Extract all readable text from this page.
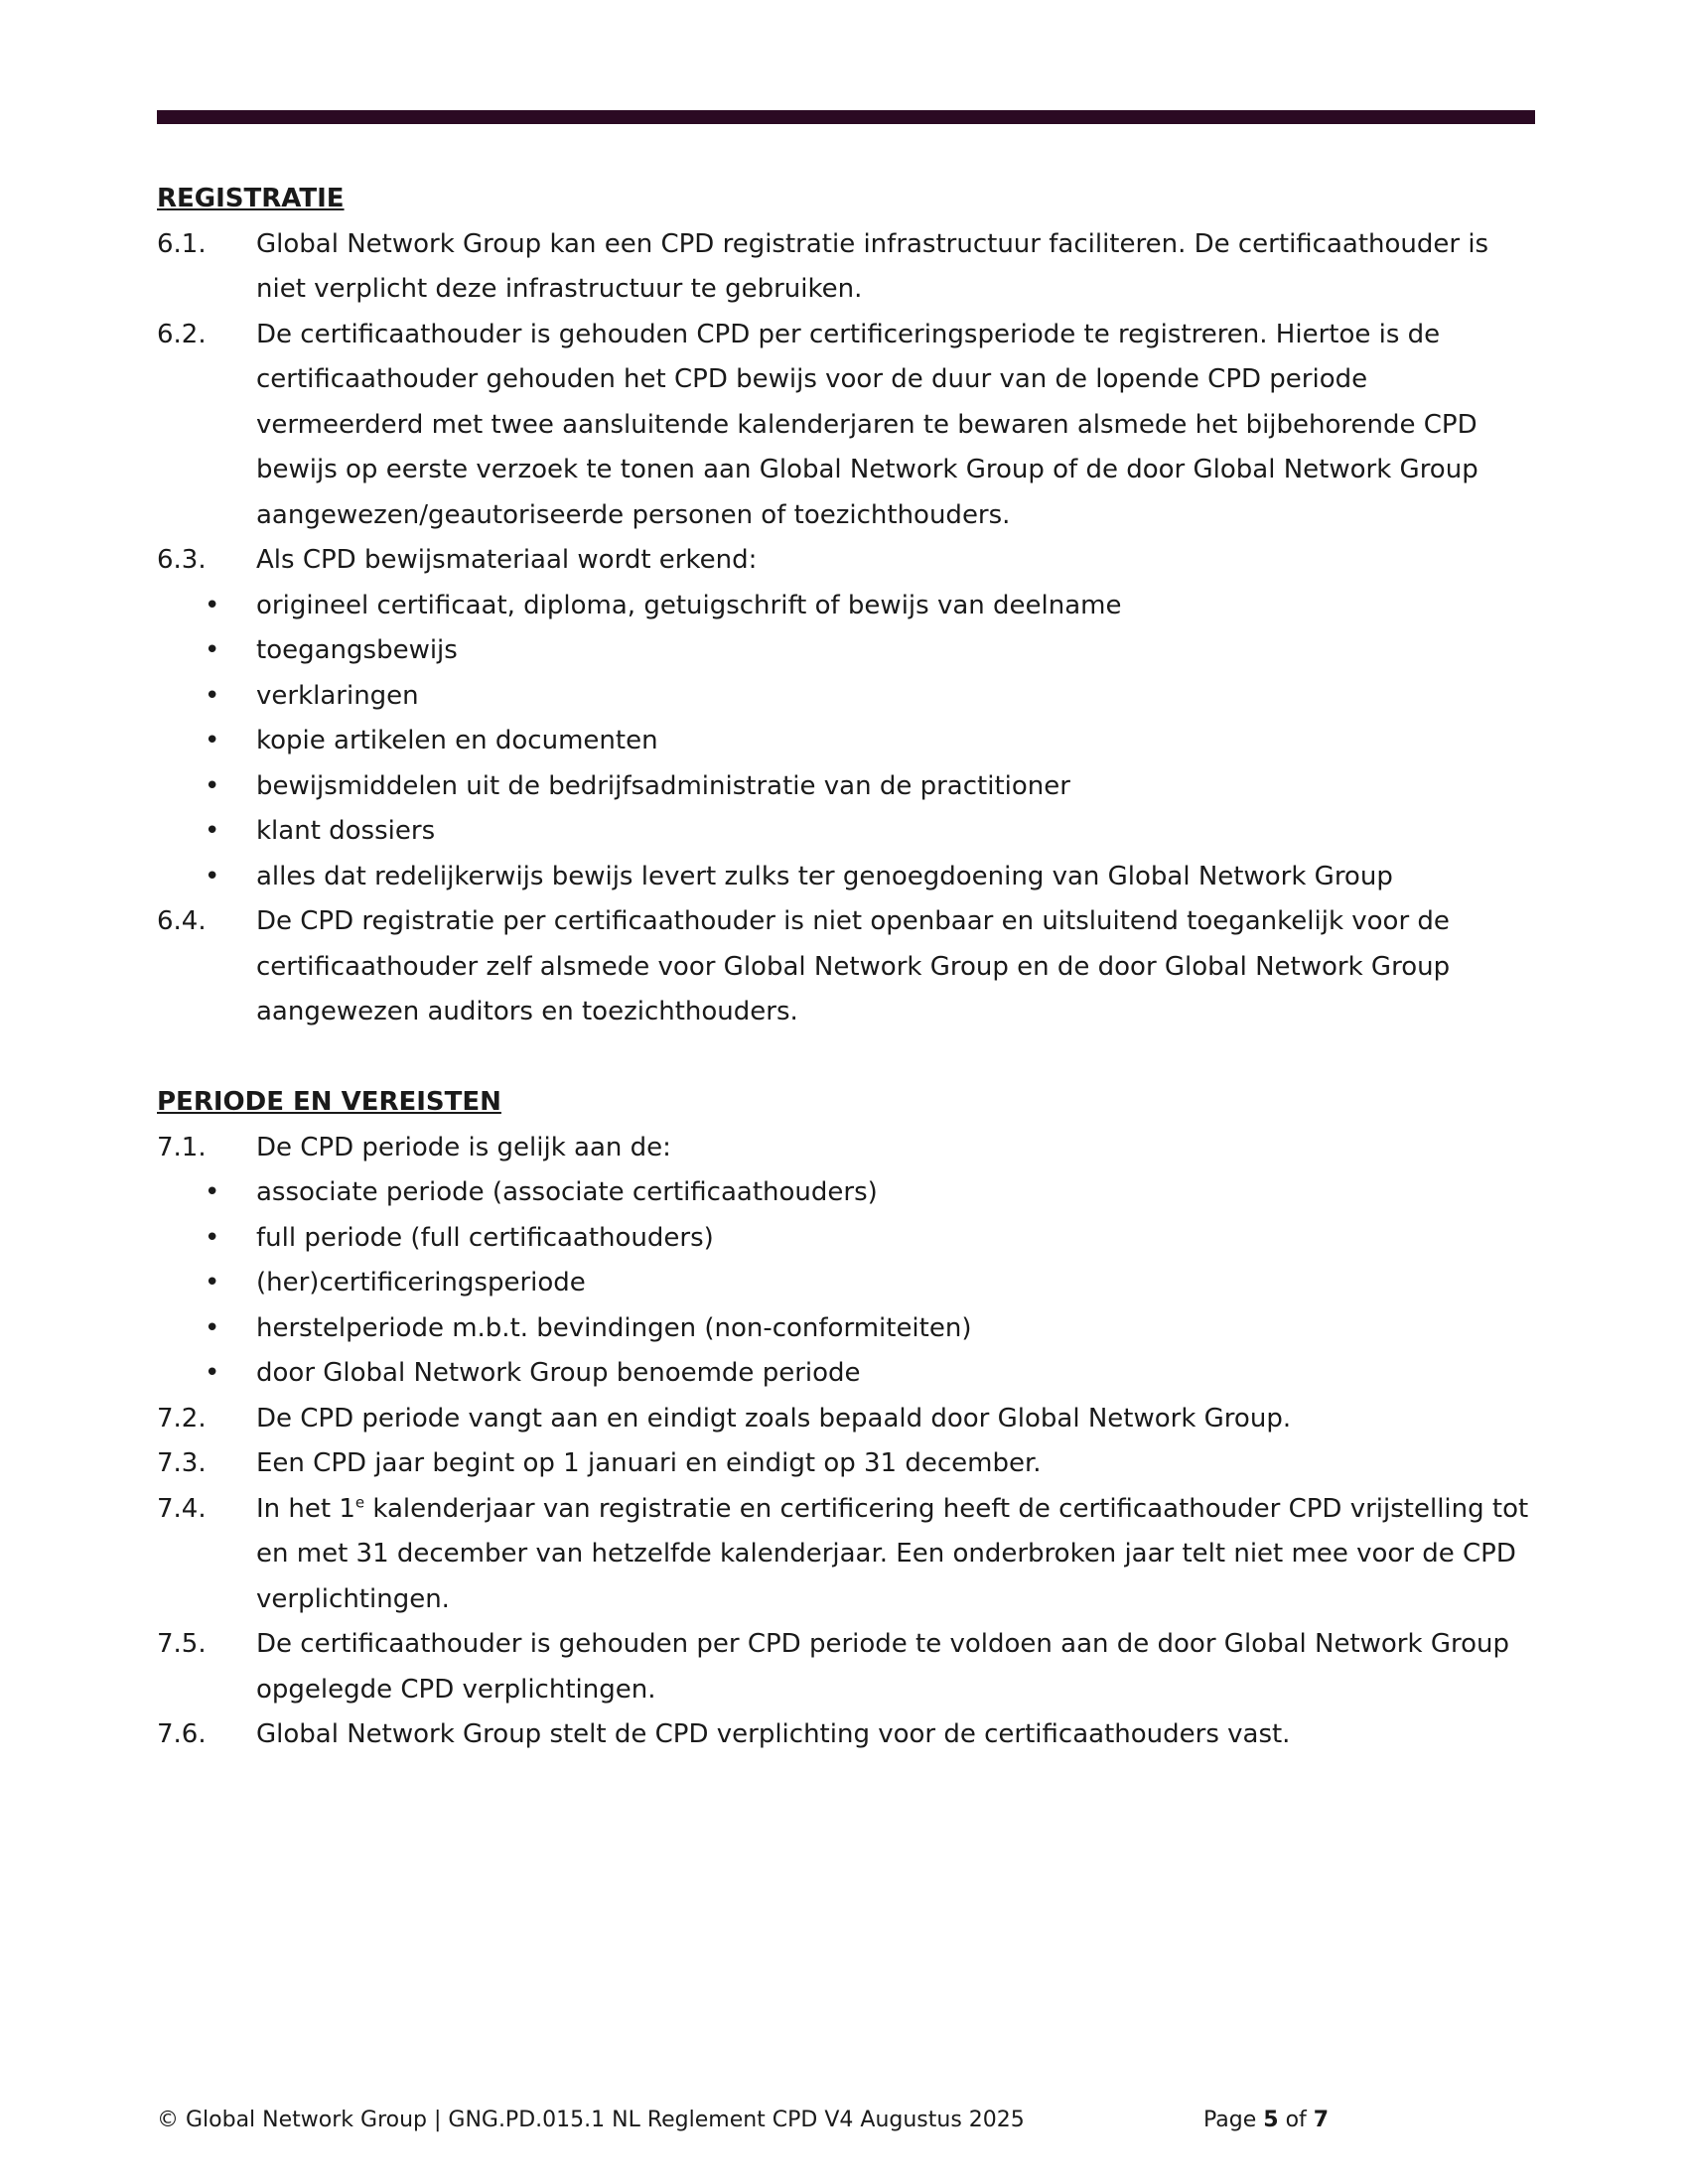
REGISTRATIE
6.1.	Global Network Group kan een CPD registratie infrastructuur faciliteren. De certificaathouder is niet verplicht deze infrastructuur te gebruiken.
6.2.	De certificaathouder is gehouden CPD per certificeringsperiode te registreren. Hiertoe is de certificaathouder gehouden het CPD bewijs voor de duur van de lopende CPD periode vermeerderd met twee aansluitende kalenderjaren te bewaren alsmede het bijbehorende CPD bewijs op eerste verzoek te tonen aan Global Network Group of de door Global Network Group aangewezen/geautoriseerde personen of toezichthouders.
6.3.	Als CPD bewijsmateriaal wordt erkend:
• origineel certificaat, diploma, getuigschrift of bewijs van deelname
• toegangsbewijs
• verklaringen
• kopie artikelen en documenten
• bewijsmiddelen uit de bedrijfsadministratie van de practitioner
• klant dossiers
• alles dat redelijkerwijs bewijs levert zulks ter genoegdoening van Global Network Group
6.4.	De CPD registratie per certificaathouder is niet openbaar en uitsluitend toegankelijk voor de certificaathouder zelf alsmede voor Global Network Group en de door Global Network Group aangewezen auditors en toezichthouders.
PERIODE EN VEREISTEN
7.1.	De CPD periode is gelijk aan de:
• associate periode (associate certificaathouders)
• full periode (full certificaathouders)
• (her)certificeringsperiode
• herstelperiode m.b.t. bevindingen (non-conformiteiten)
• door Global Network Group benoemde periode
7.2.	De CPD periode vangt aan en eindigt zoals bepaald door Global Network Group.
7.3.	Een CPD jaar begint op 1 januari en eindigt op 31 december.
7.4.	In het 1e kalenderjaar van registratie en certificering heeft de certificaathouder CPD vrijstelling tot en met 31 december van hetzelfde kalenderjaar. Een onderbroken jaar telt niet mee voor de CPD verplichtingen.
7.5.	De certificaathouder is gehouden per CPD periode te voldoen aan de door Global Network Group opgelegde CPD verplichtingen.
7.6.	Global Network Group stelt de CPD verplichting voor de certificaathouders vast.
© Global Network Group | GNG.PD.015.1 NL Reglement CPD V4 Augustus 2025	Page 5 of 7
